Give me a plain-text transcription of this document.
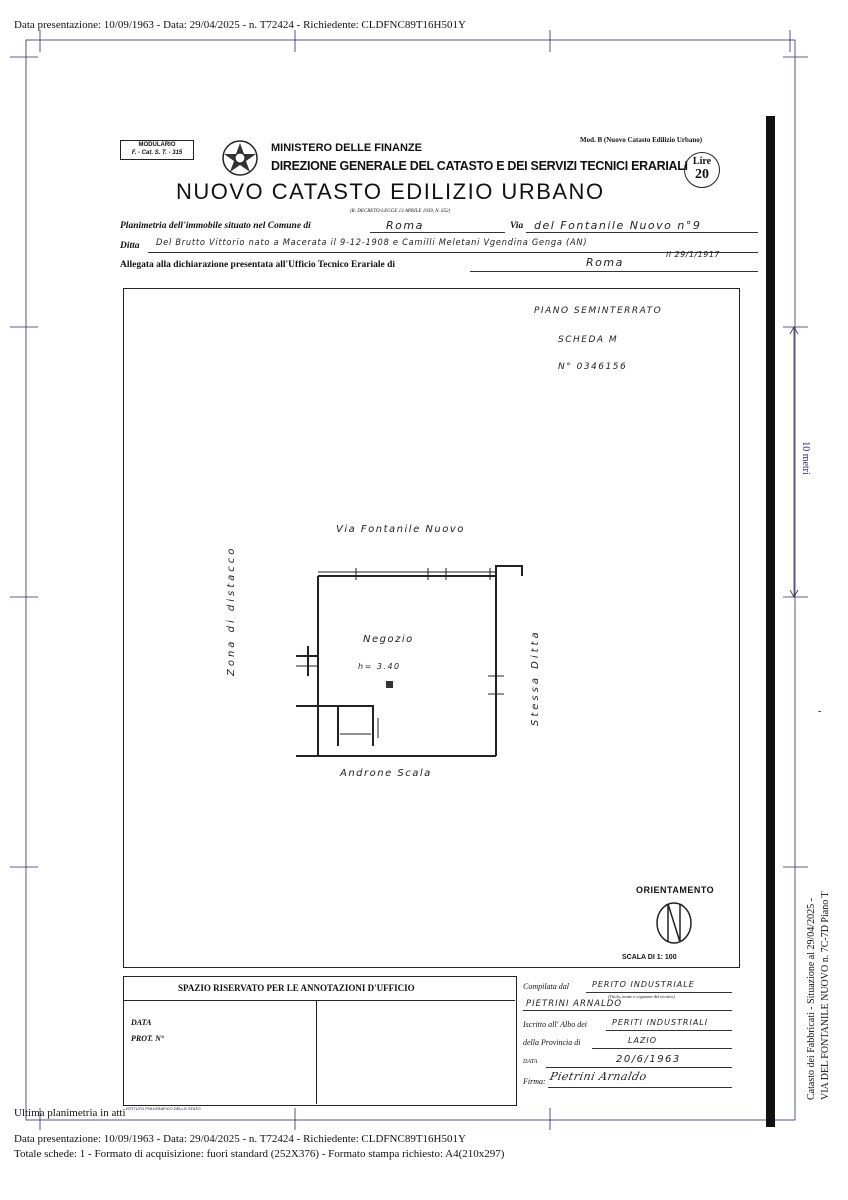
Data presentazione: 10/09/1963 - Data: 29/04/2025 - n. T72424 - Richiedente: CLDFNC89T16H501Y
10 metri
MODULARIO
F. - Cat. S. T. - 315	MINISTERO DELLE FINANZE
DIREZIONE GENERALE DEL CATASTO E DEI SERVIZI TECNICI ERARIALI
Mod. B (Nuovo Catasto Edilizio Urbano)
Lire
20
NUOVO CATASTO EDILIZIO URBANO
(R. DECRETO-LEGGE 13 APRILE 1939, N. 652)
Planimetria dell'immobile situato nel Comune di	Roma	Via del Fontanile Nuovo n°9
Ditta Del Brutto Vittorio nato a Macerata il 9-12-1908 e Camilli Meletani Vgendina Genga (AN)
il 29/1/1917
Allegata alla dichiarazione presentata all'Ufficio Tecnico Erariale di	Roma
PIANO SEMINTERRATO
SCHEDA M
N° 0346156
Via Fontanile Nuovo
Zona di distacco
Stessa Ditta
Negozio
h= 3.40
Androne Scala
ORIENTAMENTO
SCALA DI 1: 100
SPAZIO RISERVATO PER LE ANNOTAZIONI D'UFFICIO
DATA
PROT. N°
ISTITUTO POLIGRAFICO DELLO STATO
Compilata dal	PERITO INDUSTRIALE
(Titolo, nome e cognome del tecnico)
PIETRINI ARNALDO
Iscritto all' Albo dei	PERITI INDUSTRIALI
della Provincia di	LAZIO
DATA	20/6/1963
Firma: Pietrini Arnaldo	Catasto dei Fabbricati - Situazione al 29/04/2025 - VIA DEL FONTANILE NUOVO n. 7C-7D Piano T
-
Ultima planimetria in atti
Data presentazione: 10/09/1963 - Data: 29/04/2025 - n. T72424 - Richiedente: CLDFNC89T16H501Y
Totale schede: 1 - Formato di acquisizione: fuori standard (252X376) - Formato stampa richiesto: A4(210x297)
